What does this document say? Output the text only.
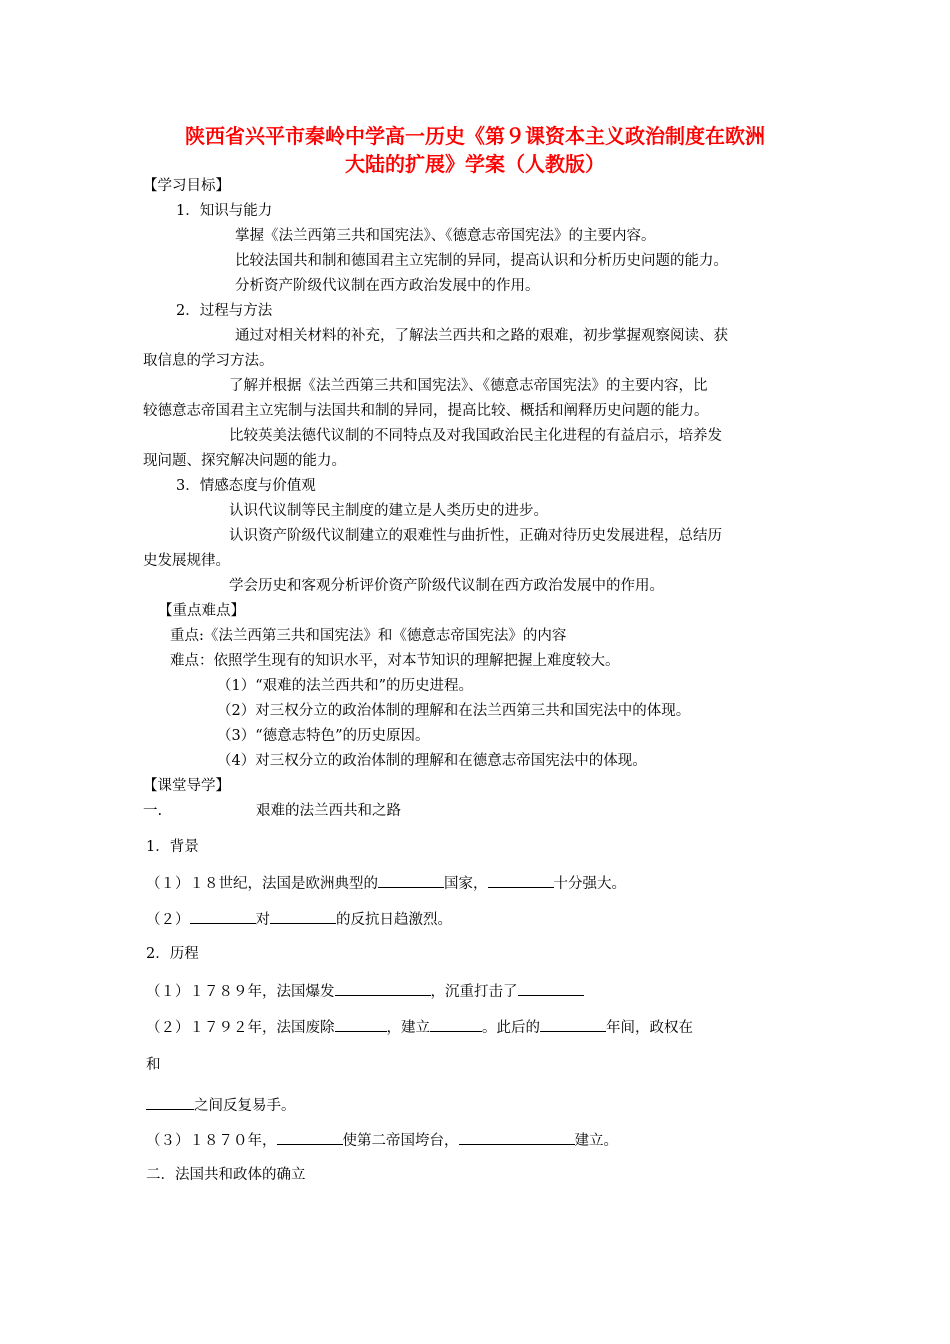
陕西省兴平市秦岭中学高一历史《第９课资本主义政治制度在欧洲
大陆的扩展》学案（人教版）

【学习目标】

1．知识与能力

掌握《法兰西第三共和国宪法》、《德意志帝国宪法》的主要内容。

比较法国共和制和德国君主立宪制的异同，提高认识和分析历史问题的能力。

分析资产阶级代议制在西方政治发展中的作用。

2．过程与方法

通过对相关材料的补充，了解法兰西共和之路的艰难，初步掌握观察阅读、获

取信息的学习方法。

了解并根据《法兰西第三共和国宪法》、《德意志帝国宪法》的主要内容，比

较德意志帝国君主立宪制与法国共和制的异同，提高比较、概括和阐释历史问题的能力。

比较英美法德代议制的不同特点及对我国政治民主化进程的有益启示，培养发

现问题、探究解决问题的能力。

3．情感态度与价值观

认识代议制等民主制度的建立是人类历史的进步。

认识资产阶级代议制建立的艰难性与曲折性，正确对待历史发展进程，总结历

史发展规律。

学会历史和客观分析评价资产阶级代议制在西方政治发展中的作用。

【重点难点】

重点:《法兰西第三共和国宪法》和《德意志帝国宪法》的内容

难点：依照学生现有的知识水平，对本节知识的理解把握上难度较大。

（1）“艰难的法兰西共和”的历史进程。

（2）对三权分立的政治体制的理解和在法兰西第三共和国宪法中的体现。

（3）“德意志特色”的历史原因。

（4）对三权分立的政治体制的理解和在德意志帝国宪法中的体现。

【课堂导学】

一.	艰难的法兰西共和之路

1．背景

（１）１８世纪，法国是欧洲典型的	国家，	十分强大。

（２）	对	的反抗日趋激烈。

2．历程

（１）１７８９年，法国爆发	，沉重打击了

（２）１７９２年，法国废除	，建立	。此后的	年间，政权在

和

之间反复易手。

（３）１８７０年，	使第二帝国垮台，	建立。

二．法国共和政体的确立
